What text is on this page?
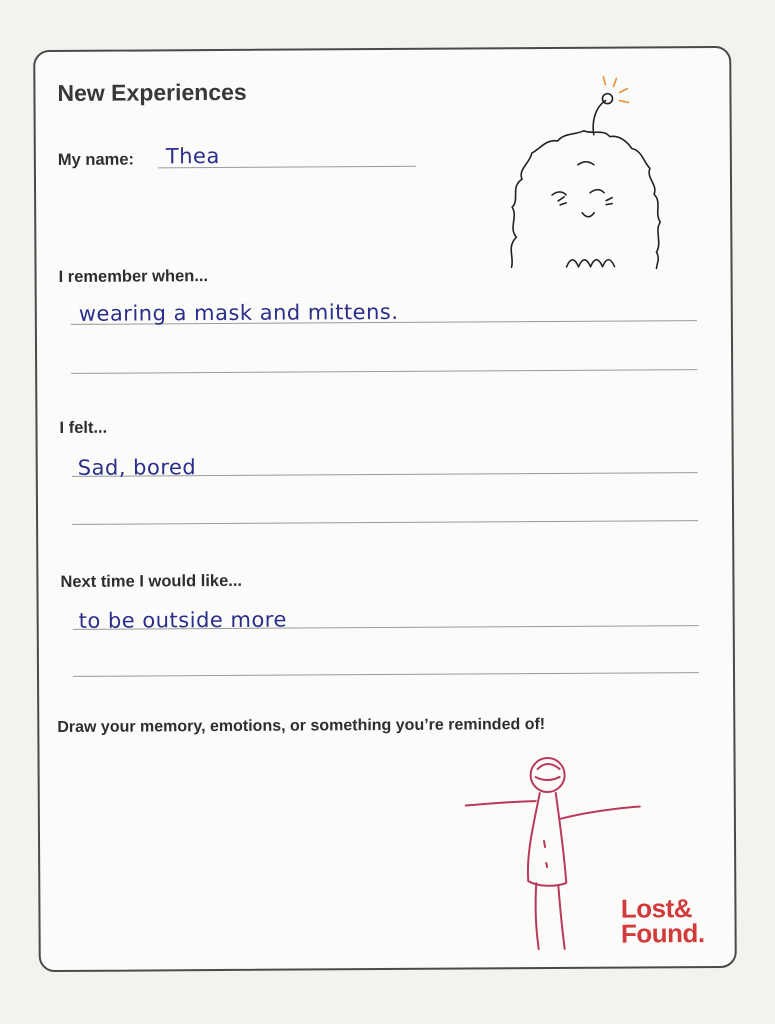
New Experiences
My name: Thea
I remember when...
wearing a mask and mittens.
I felt...
Sad, bored
Next time I would like...
to be outside more
Draw your memory, emotions, or something you’re reminded of!
Lost&
Found.
